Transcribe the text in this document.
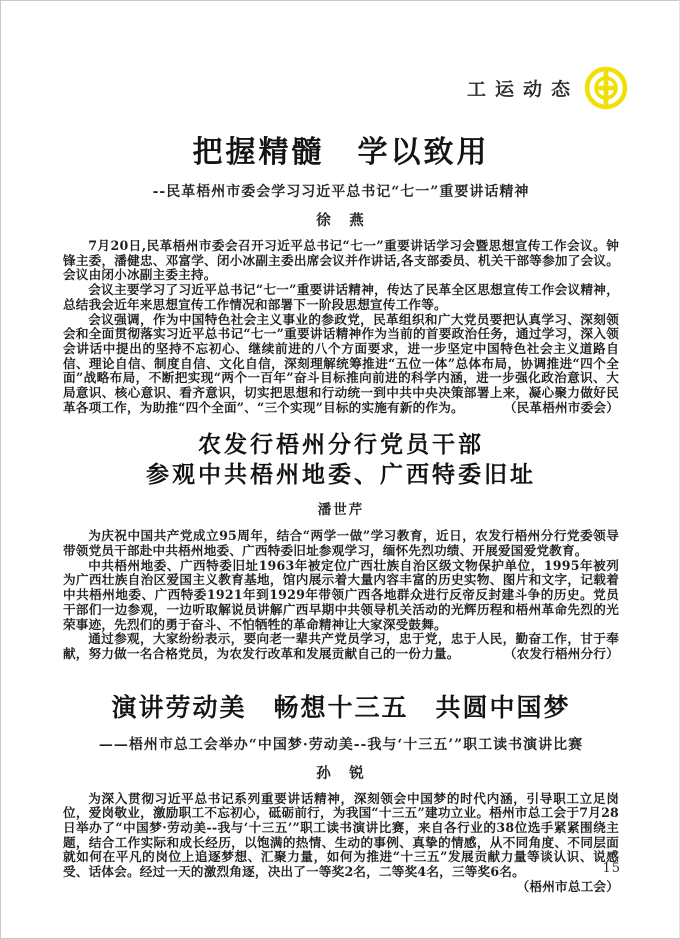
工运动态
把握精髓　学以致用
--民革梧州市委会学习习近平总书记“七一”重要讲话精神
徐　燕

7月20日,民革梧州市委会召开习近平总书记“七一”重要讲话学习会暨思想宣传工作会议。钟锋主委，潘健忠、邓富学、闭小冰副主委出席会议并作讲话,各支部委员、机关干部等参加了会议。会议由闭小冰副主委主持。

会议主要学习了习近平总书记“七一”重要讲话精神，传达了民革全区思想宣传工作会议精神，总结我会近年来思想宣传工作情况和部署下一阶段思想宣传工作等。

会议强调，作为中国特色社会主义事业的参政党，民革组织和广大党员要把认真学习、深刻领会和全面贯彻落实习近平总书记“七一”重要讲话精神作为当前的首要政治任务，通过学习，深入领会讲话中提出的坚持不忘初心、继续前进的八个方面要求，进一步坚定中国特色社会主义道路自信、理论自信、制度自信、文化自信，深刻理解统筹推进“五位一体”总体布局，协调推进“四个全面”战略布局，不断把实现“两个一百年”奋斗目标推向前进的科学内涵，进一步强化政治意识、大局意识、核心意识、看齐意识，切实把思想和行动统一到中共中央决策部署上来，凝心聚力做好民革各项工作，为助推“四个全面”、“三个实现”目标的实施有新的作为。	（民革梧州市委会）

农发行梧州分行党员干部
参观中共梧州地委、广西特委旧址
潘世芹

为庆祝中国共产党成立95周年，结合“两学一做”学习教育，近日，农发行梧州分行党委领导带领党员干部赴中共梧州地委、广西特委旧址参观学习，缅怀先烈功绩、开展爱国爱党教育。

中共梧州地委、广西特委旧址1963年被定位广西壮族自治区级文物保护单位，1995年被列为广西壮族自治区爱国主义教育基地，馆内展示着大量内容丰富的历史实物、图片和文字，记载着中共梧州地委、广西特委1921年到1929年带领广西各地群众进行反帝反封建斗争的历史。党员干部们一边参观，一边听取解说员讲解广西早期中共领导机关活动的光辉历程和梧州革命先烈的光荣事迹，先烈们的勇于奋斗、不怕牺牲的革命精神让大家深受鼓舞。

通过参观，大家纷纷表示，要向老一辈共产党员学习，忠于党，忠于人民，勤奋工作，甘于奉献，努力做一名合格党员，为农发行改革和发展贡献自己的一份力量。	（农发行梧州分行）

演讲劳动美　畅想十三五　共圆中国梦
——梧州市总工会举办“中国梦·劳动美--我与‘十三五’”职工读书演讲比赛
孙　锐

为深入贯彻习近平总书记系列重要讲话精神，深刻领会中国梦的时代内涵，引导职工立足岗位，爱岗敬业，激励职工不忘初心，砥砺前行，为我国“十三五”建功立业。梧州市总工会于7月28日举办了“中国梦·劳动美--我与‘十三五’”职工读书演讲比赛，来自各行业的38位选手紧紧围绕主题，结合工作实际和成长经历，以饱满的热情、生动的事例、真挚的情感，从不同角度、不同层面就如何在平凡的岗位上追逐梦想、汇聚力量，如何为推进“十三五”发展贡献力量等谈认识、说感受、话体会。经过一天的激烈角逐，决出了一等奖2名，二等奖4名，三等奖6名。
（梧州市总工会）

15
